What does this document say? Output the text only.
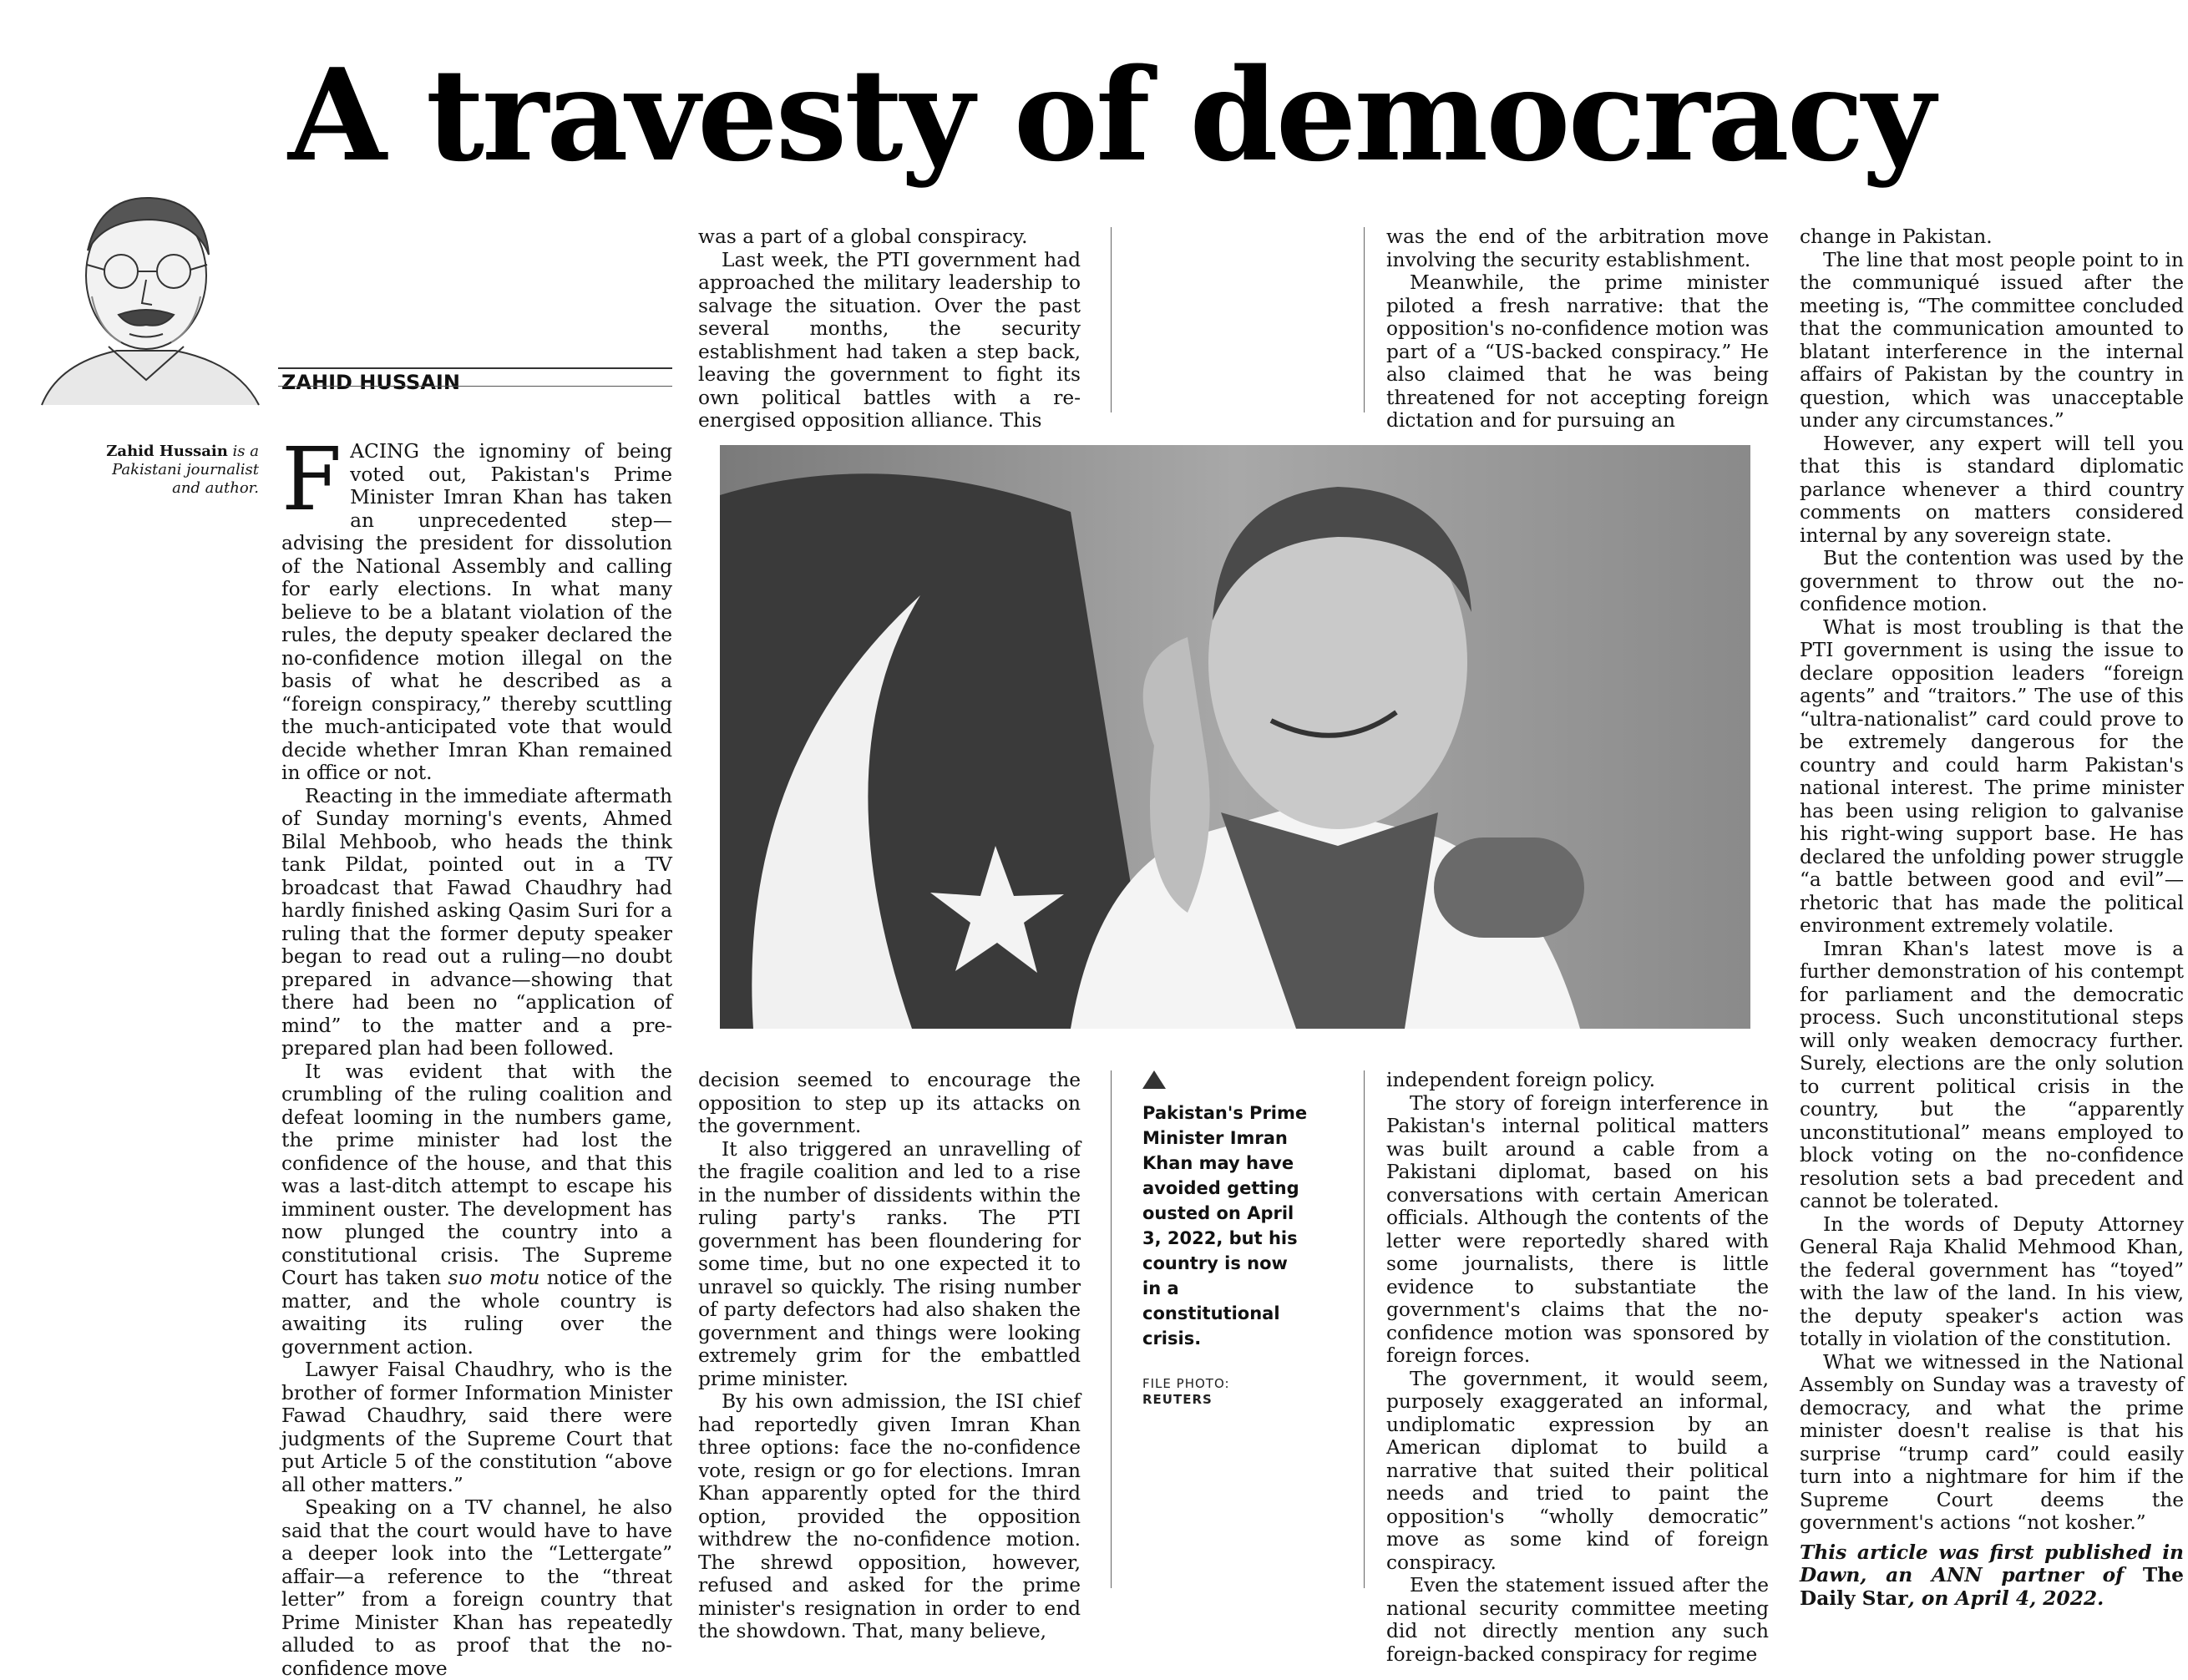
A travesty of democracy

ZAHID HUSSAIN

Zahid Hussain is a Pakistani journalist and author. FACING the ignominy of being voted out, Pakistan's Prime Minister Imran Khan has taken an unprecedented step—advising the president for dissolution of the National Assembly and calling for early elections. In what many believe to be a blatant violation of the rules, the deputy speaker declared the no-confidence motion illegal on the basis of what he described as a “foreign conspiracy,” thereby scuttling the much-anticipated vote that would decide whether Imran Khan remained in office or not.

Reacting in the immediate aftermath of Sunday morning's events, Ahmed Bilal Mehboob, who heads the think tank Pildat, pointed out in a TV broadcast that Fawad Chaudhry had hardly finished asking Qasim Suri for a ruling that the former deputy speaker began to read out a ruling—no doubt prepared in advance—showing that there had been no “application of mind” to the matter and a pre-prepared plan had been followed.

It was evident that with the crumbling of the ruling coalition and defeat looming in the numbers game, the prime minister had lost the confidence of the house, and that this was a last-ditch attempt to escape his imminent ouster. The development has now plunged the country into a constitutional crisis. The Supreme Court has taken suo motu notice of the matter, and the whole country is awaiting its ruling over the government action.

Lawyer Faisal Chaudhry, who is the brother of former Information Minister Fawad Chaudhry, said there were judgments of the Supreme Court that put Article 5 of the constitution “above all other matters.”

Speaking on a TV channel, he also said that the court would have to have a deeper look into the “Lettergate” affair—a reference to the “threat letter” from a foreign country that Prime Minister Khan has repeatedly alluded to as proof that the no-confidence move

was a part of a global conspiracy.

Last week, the PTI government had approached the military leadership to salvage the situation. Over the past several months, the security establishment had taken a step back, leaving the government to fight its own political battles with a re-energised opposition alliance. This

was the end of the arbitration move involving the security establishment.

Meanwhile, the prime minister piloted a fresh narrative: that the opposition's no-confidence motion was part of a “US-backed conspiracy.” He also claimed that he was being threatened for not accepting foreign dictation and for pursuing an

Pakistan's Prime Minister Imran Khan may have avoided getting ousted on April 3, 2022, but his country is now in a constitutional crisis.

FILE PHOTO:
REUTERS

decision seemed to encourage the opposition to step up its attacks on the government.

It also triggered an unravelling of the fragile coalition and led to a rise in the number of dissidents within the ruling party's ranks. The PTI government has been floundering for some time, but no one expected it to unravel so quickly. The rising number of party defectors had also shaken the government and things were looking extremely grim for the embattled prime minister.

By his own admission, the ISI chief had reportedly given Imran Khan three options: face the no-confidence vote, resign or go for elections. Imran Khan apparently opted for the third option, provided the opposition withdrew the no-confidence motion. The shrewd opposition, however, refused and asked for the prime minister's resignation in order to end the showdown. That, many believe,

independent foreign policy.

The story of foreign interference in Pakistan's internal political matters was built around a cable from a Pakistani diplomat, based on his conversations with certain American officials. Although the contents of the letter were reportedly shared with some journalists, there is little evidence to substantiate the government's claims that the no-confidence motion was sponsored by foreign forces.

The government, it would seem, purposely exaggerated an informal, undiplomatic expression by an American diplomat to build a narrative that suited their political needs and tried to paint the opposition's “wholly democratic” move as some kind of foreign conspiracy.

Even the statement issued after the national security committee meeting did not directly mention any such foreign-backed conspiracy for regime

change in Pakistan.

The line that most people point to in the communiqué issued after the meeting is, “The committee concluded that the communication amounted to blatant interference in the internal affairs of Pakistan by the country in question, which was unacceptable under any circumstances.”

However, any expert will tell you that this is standard diplomatic parlance whenever a third country comments on matters considered internal by any sovereign state.

But the contention was used by the government to throw out the no-confidence motion.

What is most troubling is that the PTI government is using the issue to declare opposition leaders “foreign agents” and “traitors.” The use of this “ultra-nationalist” card could prove to be extremely dangerous for the country and could harm Pakistan's national interest. The prime minister has been using religion to galvanise his right-wing support base. He has declared the unfolding power struggle “a battle between good and evil”—rhetoric that has made the political environment extremely volatile.

Imran Khan's latest move is a further demonstration of his contempt for parliament and the democratic process. Such unconstitutional steps will only weaken democracy further. Surely, elections are the only solution to current political crisis in the country, but the “apparently unconstitutional” means employed to block voting on the no-confidence resolution sets a bad precedent and cannot be tolerated.

In the words of Deputy Attorney General Raja Khalid Mehmood Khan, the federal government has “toyed” with the law of the land. In his view, the deputy speaker's action was totally in violation of the constitution.

What we witnessed in the National Assembly on Sunday was a travesty of democracy, and what the prime minister doesn't realise is that his surprise “trump card” could easily turn into a nightmare for him if the Supreme Court deems the government's actions “not kosher.”

This article was first published in Dawn, an ANN partner of The Daily Star, on April 4, 2022.
